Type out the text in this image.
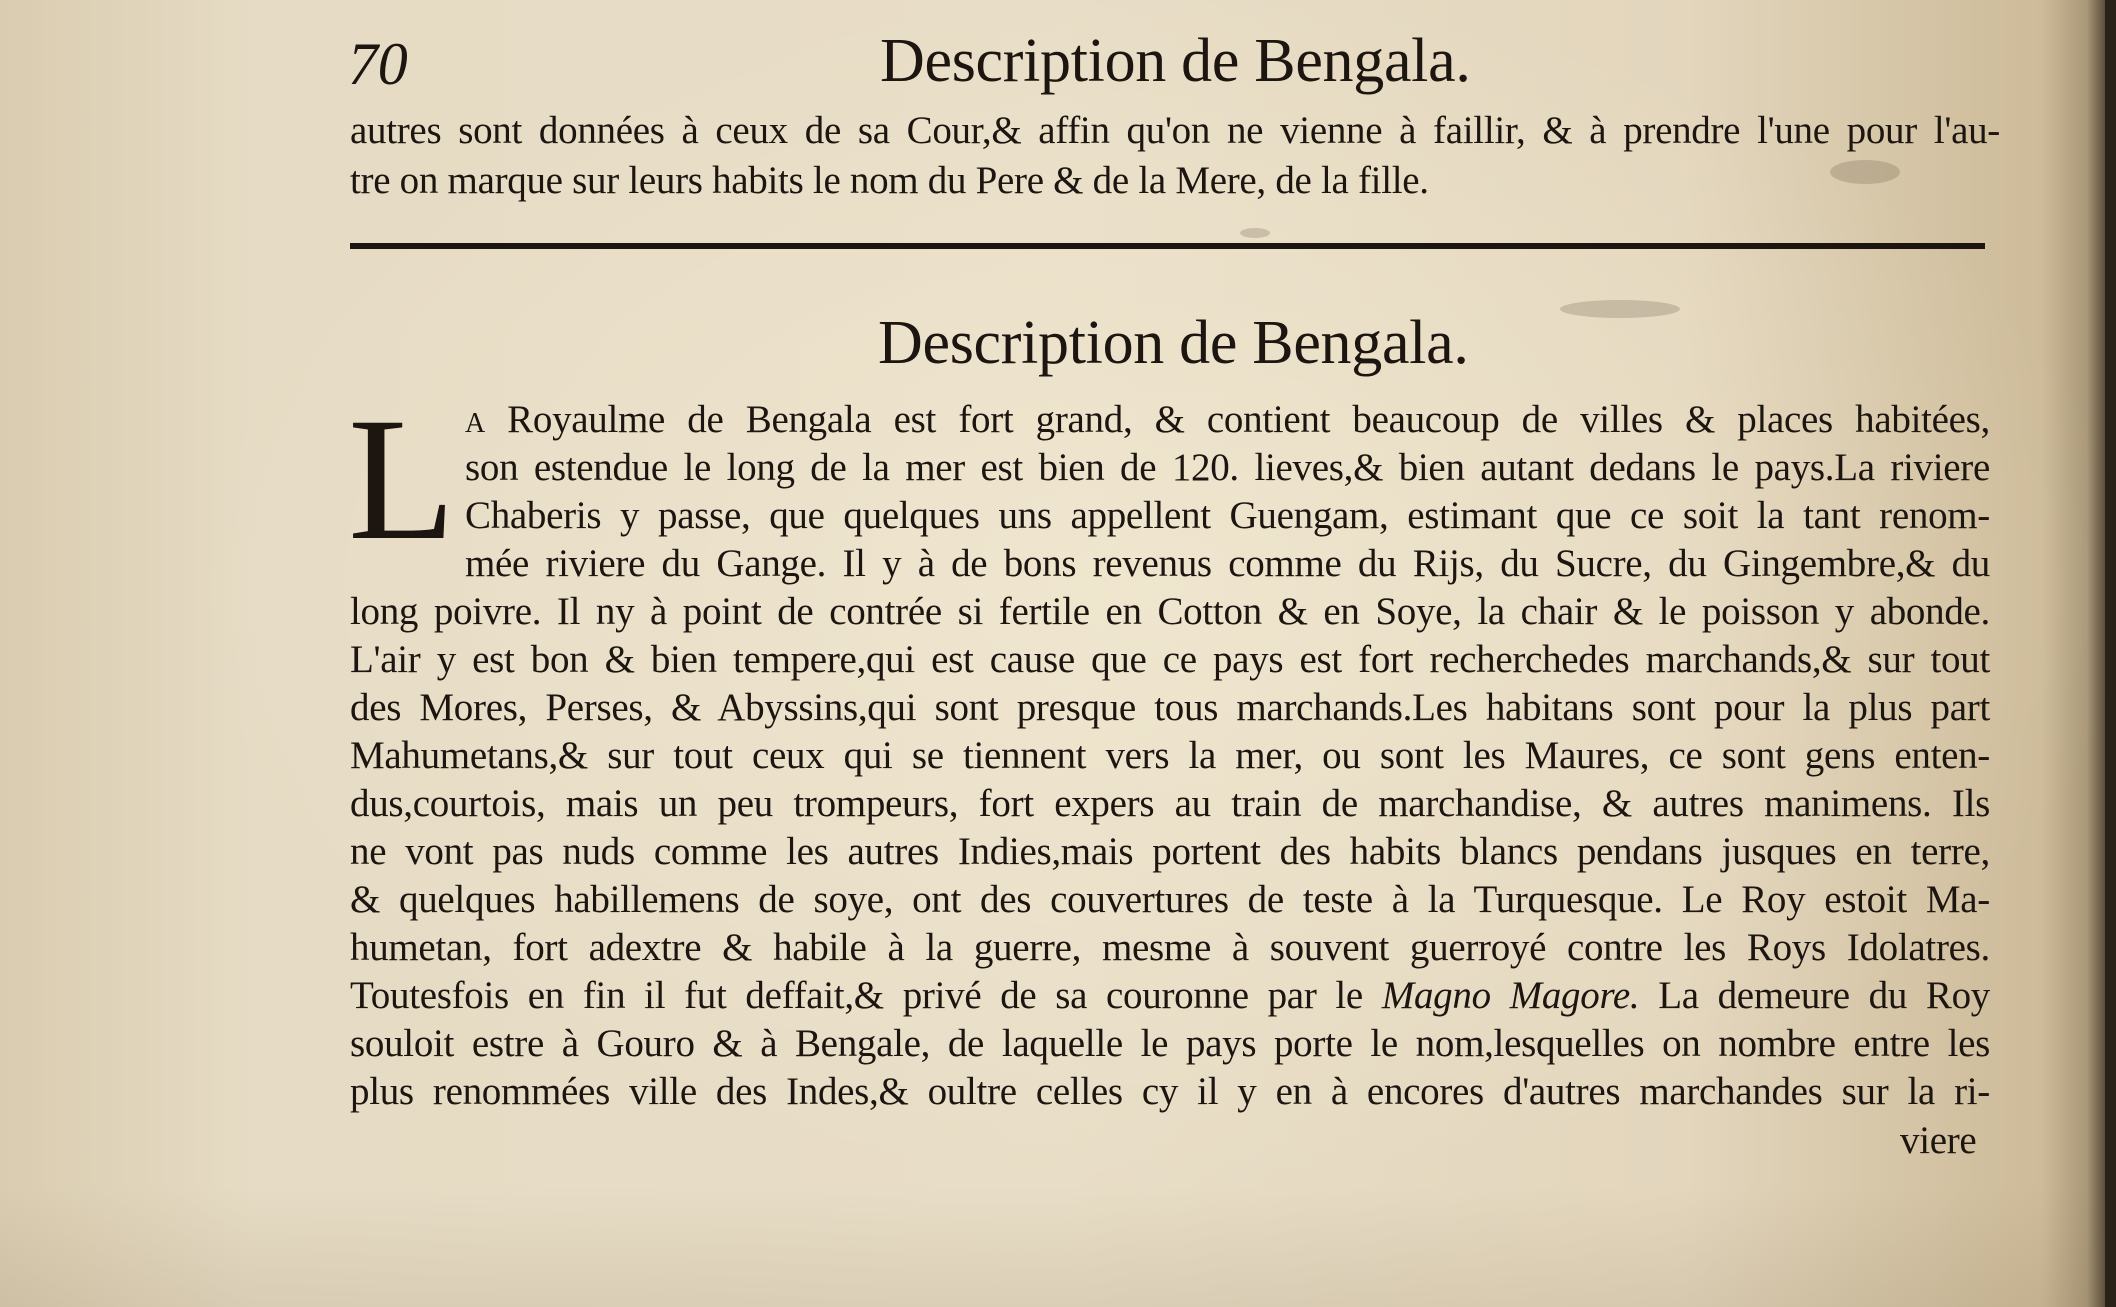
70	Description de Bengala.
autres sont données à ceux de sa Cour,& affin qu'on ne vienne à faillir, & à prendre l'une pour l'au-
tre on marque sur leurs habits le nom du Pere & de la Mere, de la fille.
Description de Bengala.
L A Royaulme de Bengala est fort grand, & contient beaucoup de villes & places habitées,
son estendue le long de la mer est bien de 120. lieves,& bien autant dedans le pays.La riviere
Chaberis y passe, que quelques uns appellent Guengam, estimant que ce soit la tant renom-
mée riviere du Gange. Il y à de bons revenus comme du Rijs, du Sucre, du Gingembre,& du
long poivre. Il ny à point de contrée si fertile en Cotton & en Soye, la chair & le poisson y abonde.
L'air y est bon & bien tempere,qui est cause que ce pays est fort recherchedes marchands,& sur tout
des Mores, Perses, & Abyssins,qui sont presque tous marchands.Les habitans sont pour la plus part
Mahumetans,& sur tout ceux qui se tiennent vers la mer, ou sont les Maures, ce sont gens enten-
dus,courtois, mais un peu trompeurs, fort expers au train de marchandise, & autres manimens. Ils
ne vont pas nuds comme les autres Indies,mais portent des habits blancs pendans jusques en terre,
& quelques habillemens de soye, ont des couvertures de teste à la Turquesque. Le Roy estoit Ma-
humetan, fort adextre & habile à la guerre, mesme à souvent guerroyé contre les Roys Idolatres.
Toutesfois en fin il fut deffait,& privé de sa couronne par le Magno Magore. La demeure du Roy
souloit estre à Gouro & à Bengale, de laquelle le pays porte le nom,lesquelles on nombre entre les
plus renommées ville des Indes,& oultre celles cy il y en à encores d'autres marchandes sur la ri-
viere
